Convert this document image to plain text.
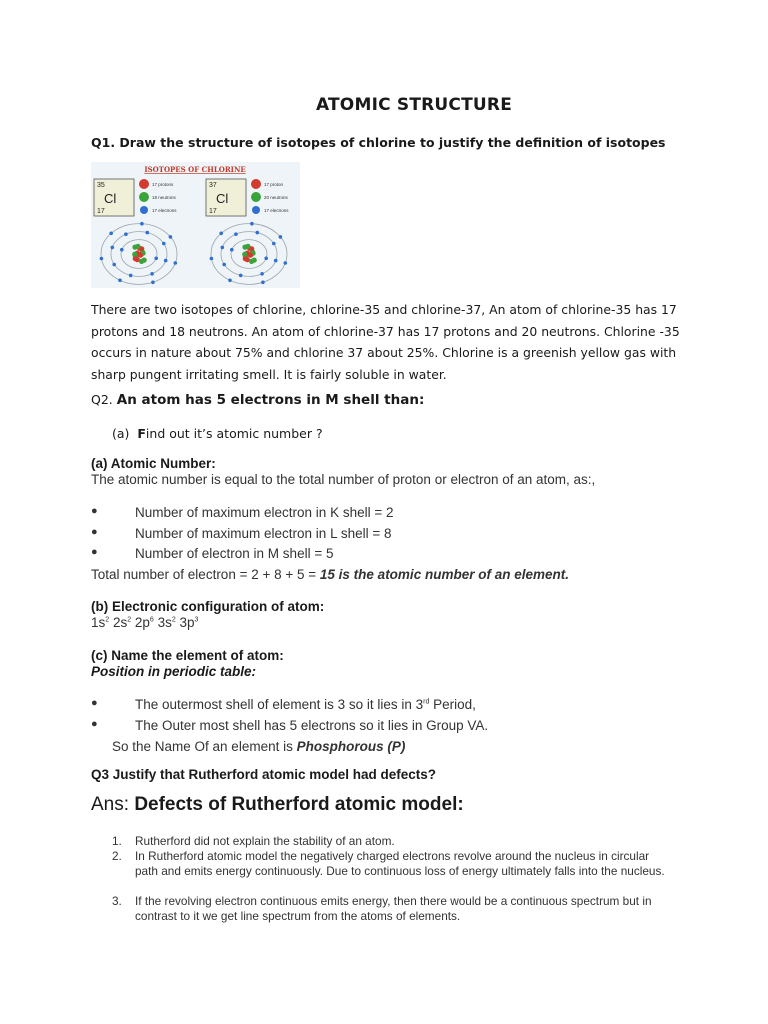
ATOMIC STRUCTURE
Q1. Draw the structure of isotopes of chlorine to justify the definition of isotopes
ISOTOPES OF CHLORINE
35
Cl
17
17 protons
18 neutrons
17 electrons
37
Cl
17
17 proton
20 neutrons
17 electrons
There are two isotopes of chlorine, chlorine-35 and chlorine-37, An atom of chlorine-35 has 17 protons and 18 neutrons. An atom of chlorine-37 has 17 protons and 20 neutrons. Chlorine -35 occurs in nature about 75% and chlorine 37 about 25%. Chlorine is a greenish yellow gas with sharp pungent irritating smell. It is fairly soluble in water.
Q2. An atom has 5 electrons in M shell than:
(a) Find out it’s atomic number ?
(a) Atomic Number:
The atomic number is equal to the total number of proton or electron of an atom, as:,
●	Number of maximum electron in K shell = 2
●	Number of maximum electron in L shell = 8
●	Number of electron in M shell = 5
Total number of electron = 2 + 8 + 5 = 15 is the atomic number of an element.
(b) Electronic configuration of atom:
$1s^2$ $2s^2$ $2p^6$ $3s^2$ $3p^3$
(c) Name the element of atom:
Position in periodic table:
●	The outermost shell of element is 3 so it lies in 3rd Period,
●	The Outer most shell has 5 electrons so it lies in Group VA.
So the Name Of an element is Phosphorous (P)
Q3 Justify that Rutherford atomic model had defects?
Ans: Defects of Rutherford atomic model:
1. Rutherford did not explain the stability of an atom.
2. In Rutherford atomic model the negatively charged electrons revolve around the nucleus in circular path and emits energy continuously. Due to continuous loss of energy ultimately falls into the nucleus.
3. If the revolving electron continuous emits energy, then there would be a continuous spectrum but in contrast to it we get line spectrum from the atoms of elements.
